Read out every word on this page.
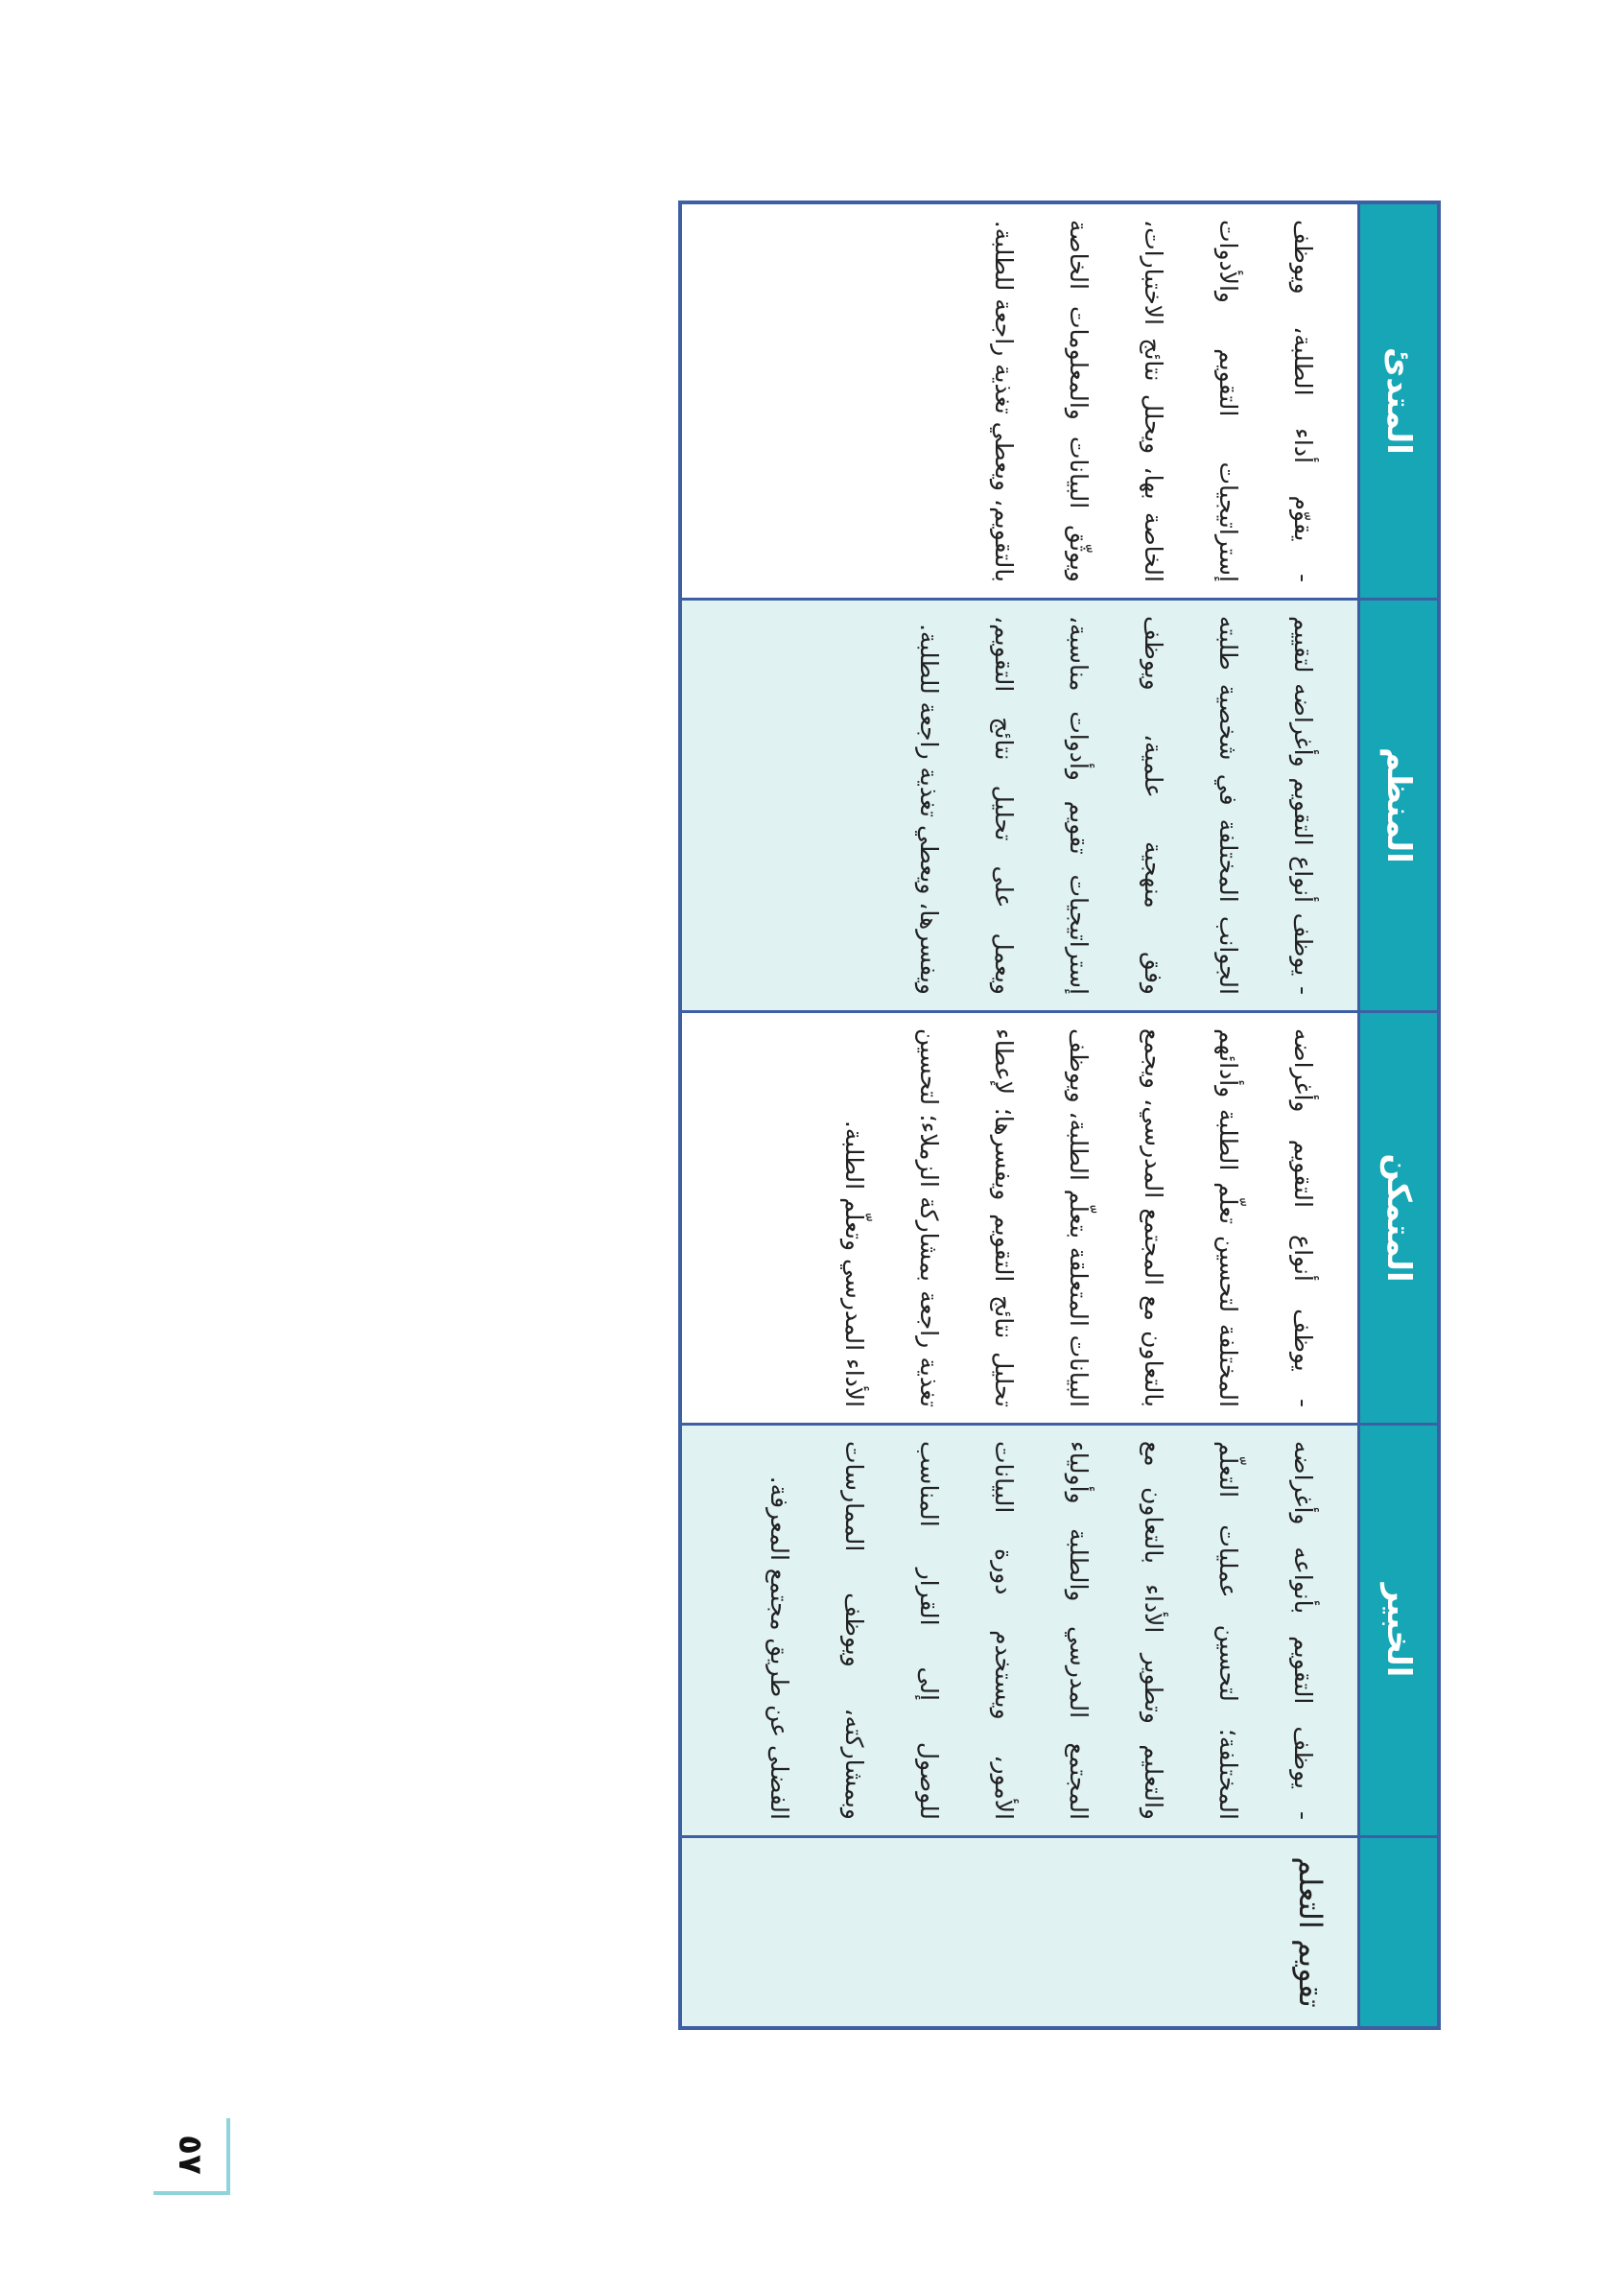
المتدئ
المنظم
المتمكن
الخبير
- يقوّم أداء الطلبة، ويوظف إستراتيجيات التقويم والأدوات الخاصة بها، ويحلل نتائج الاختبارات، ويوثّق البيانات والمعلومات الخاصة بالتقويم، ويعطي تغذية راجعة للطلبة.
- يوظف أنواع التقويم وأغراضه لتقييم الجوانب المختلفة في شخصية طلبته وفق منهجية علمية، ويوظف إستراتيجيات تقويم وأدوات مناسبة، ويعمل على تحليل نتائج التقويم، ويفسرها، ويعطي تغذية راجعة للطلبة.
- يوظف أنواع التقويم وأغراضه المختلفة لتحسين تعلّم الطلبة وأدائهم بالتعاون مع المجتمع المدرسي، ويجمع البيانات المتعلقة بتعلّم الطلبة، ويوظف تحليل نتائج التقويم ويفسرها؛ لإعطاء تغذية راجعة بمشاركة الزملاء؛ لتحسين الأداء المدرسي وتعلّم الطلبة.
- يوظف التقويم بأنواعه وأغراضه المختلفة؛ لتحسين عمليات التعلّم والتعليم وتطوير الأداء بالتعاون مع المجتمع المدرسي والطلبة وأولياء الأمور، ويستخدم دورة البيانات للوصول إلى القرار المناسب وبمشاركته، ويوظف الممارسات الفضلى عن طريق مجتمع المعرفة.
تقويم التعلم
٥٧
